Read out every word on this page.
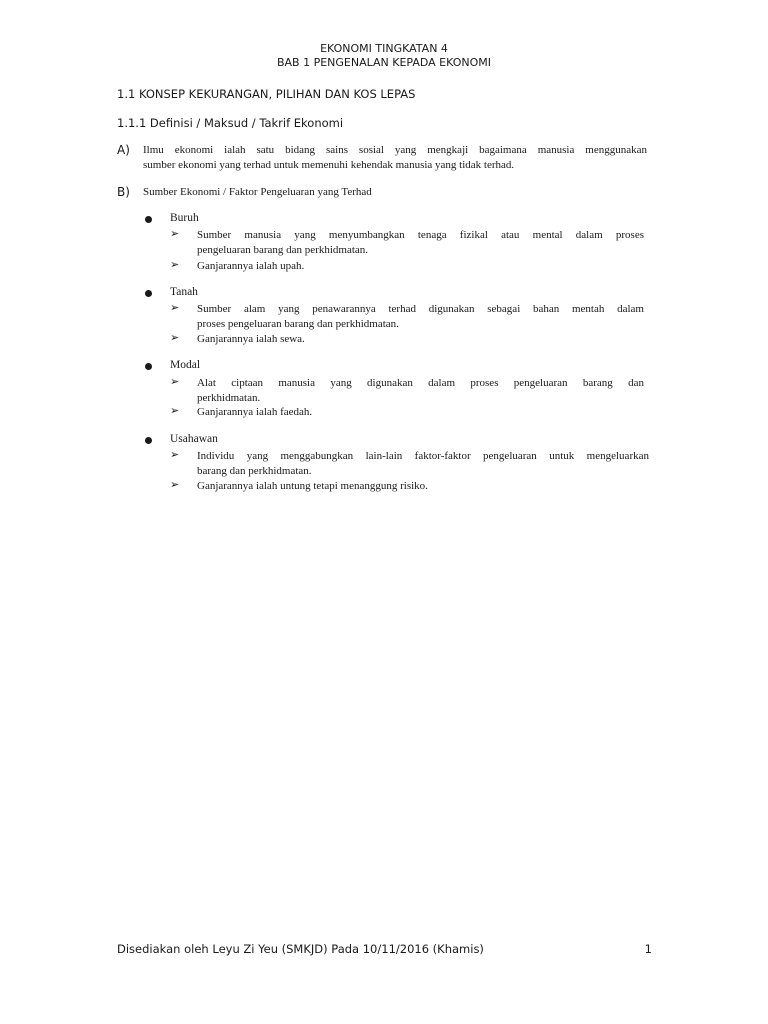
EKONOMI TINGKATAN 4
BAB 1 PENGENALAN KEPADA EKONOMI
1.1 KONSEP KEKURANGAN, PILIHAN DAN KOS LEPAS
1.1.1 Definisi / Maksud / Takrif Ekonomi
A) Ilmu ekonomi ialah satu bidang sains sosial yang mengkaji bagaimana manusia menggunakan
sumber ekonomi yang terhad untuk memenuhi kehendak manusia yang tidak terhad.
B) Sumber Ekonomi / Faktor Pengeluaran yang Terhad
Buruh
➢ Sumber manusia yang menyumbangkan tenaga fizikal atau mental dalam proses
pengeluaran barang dan perkhidmatan.
➢ Ganjarannya ialah upah.
Tanah
➢ Sumber alam yang penawarannya terhad digunakan sebagai bahan mentah dalam
proses pengeluaran barang dan perkhidmatan.
➢ Ganjarannya ialah sewa.
Modal
➢ Alat ciptaan manusia yang digunakan dalam proses pengeluaran barang dan
perkhidmatan.
➢ Ganjarannya ialah faedah.
Usahawan
➢ Individu yang menggabungkan lain-lain faktor-faktor pengeluaran untuk mengeluarkan
barang dan perkhidmatan.
➢ Ganjarannya ialah untung tetapi menanggung risiko.
Disediakan oleh Leyu Zi Yeu (SMKJD) Pada 10/11/2016 (Khamis)	1
